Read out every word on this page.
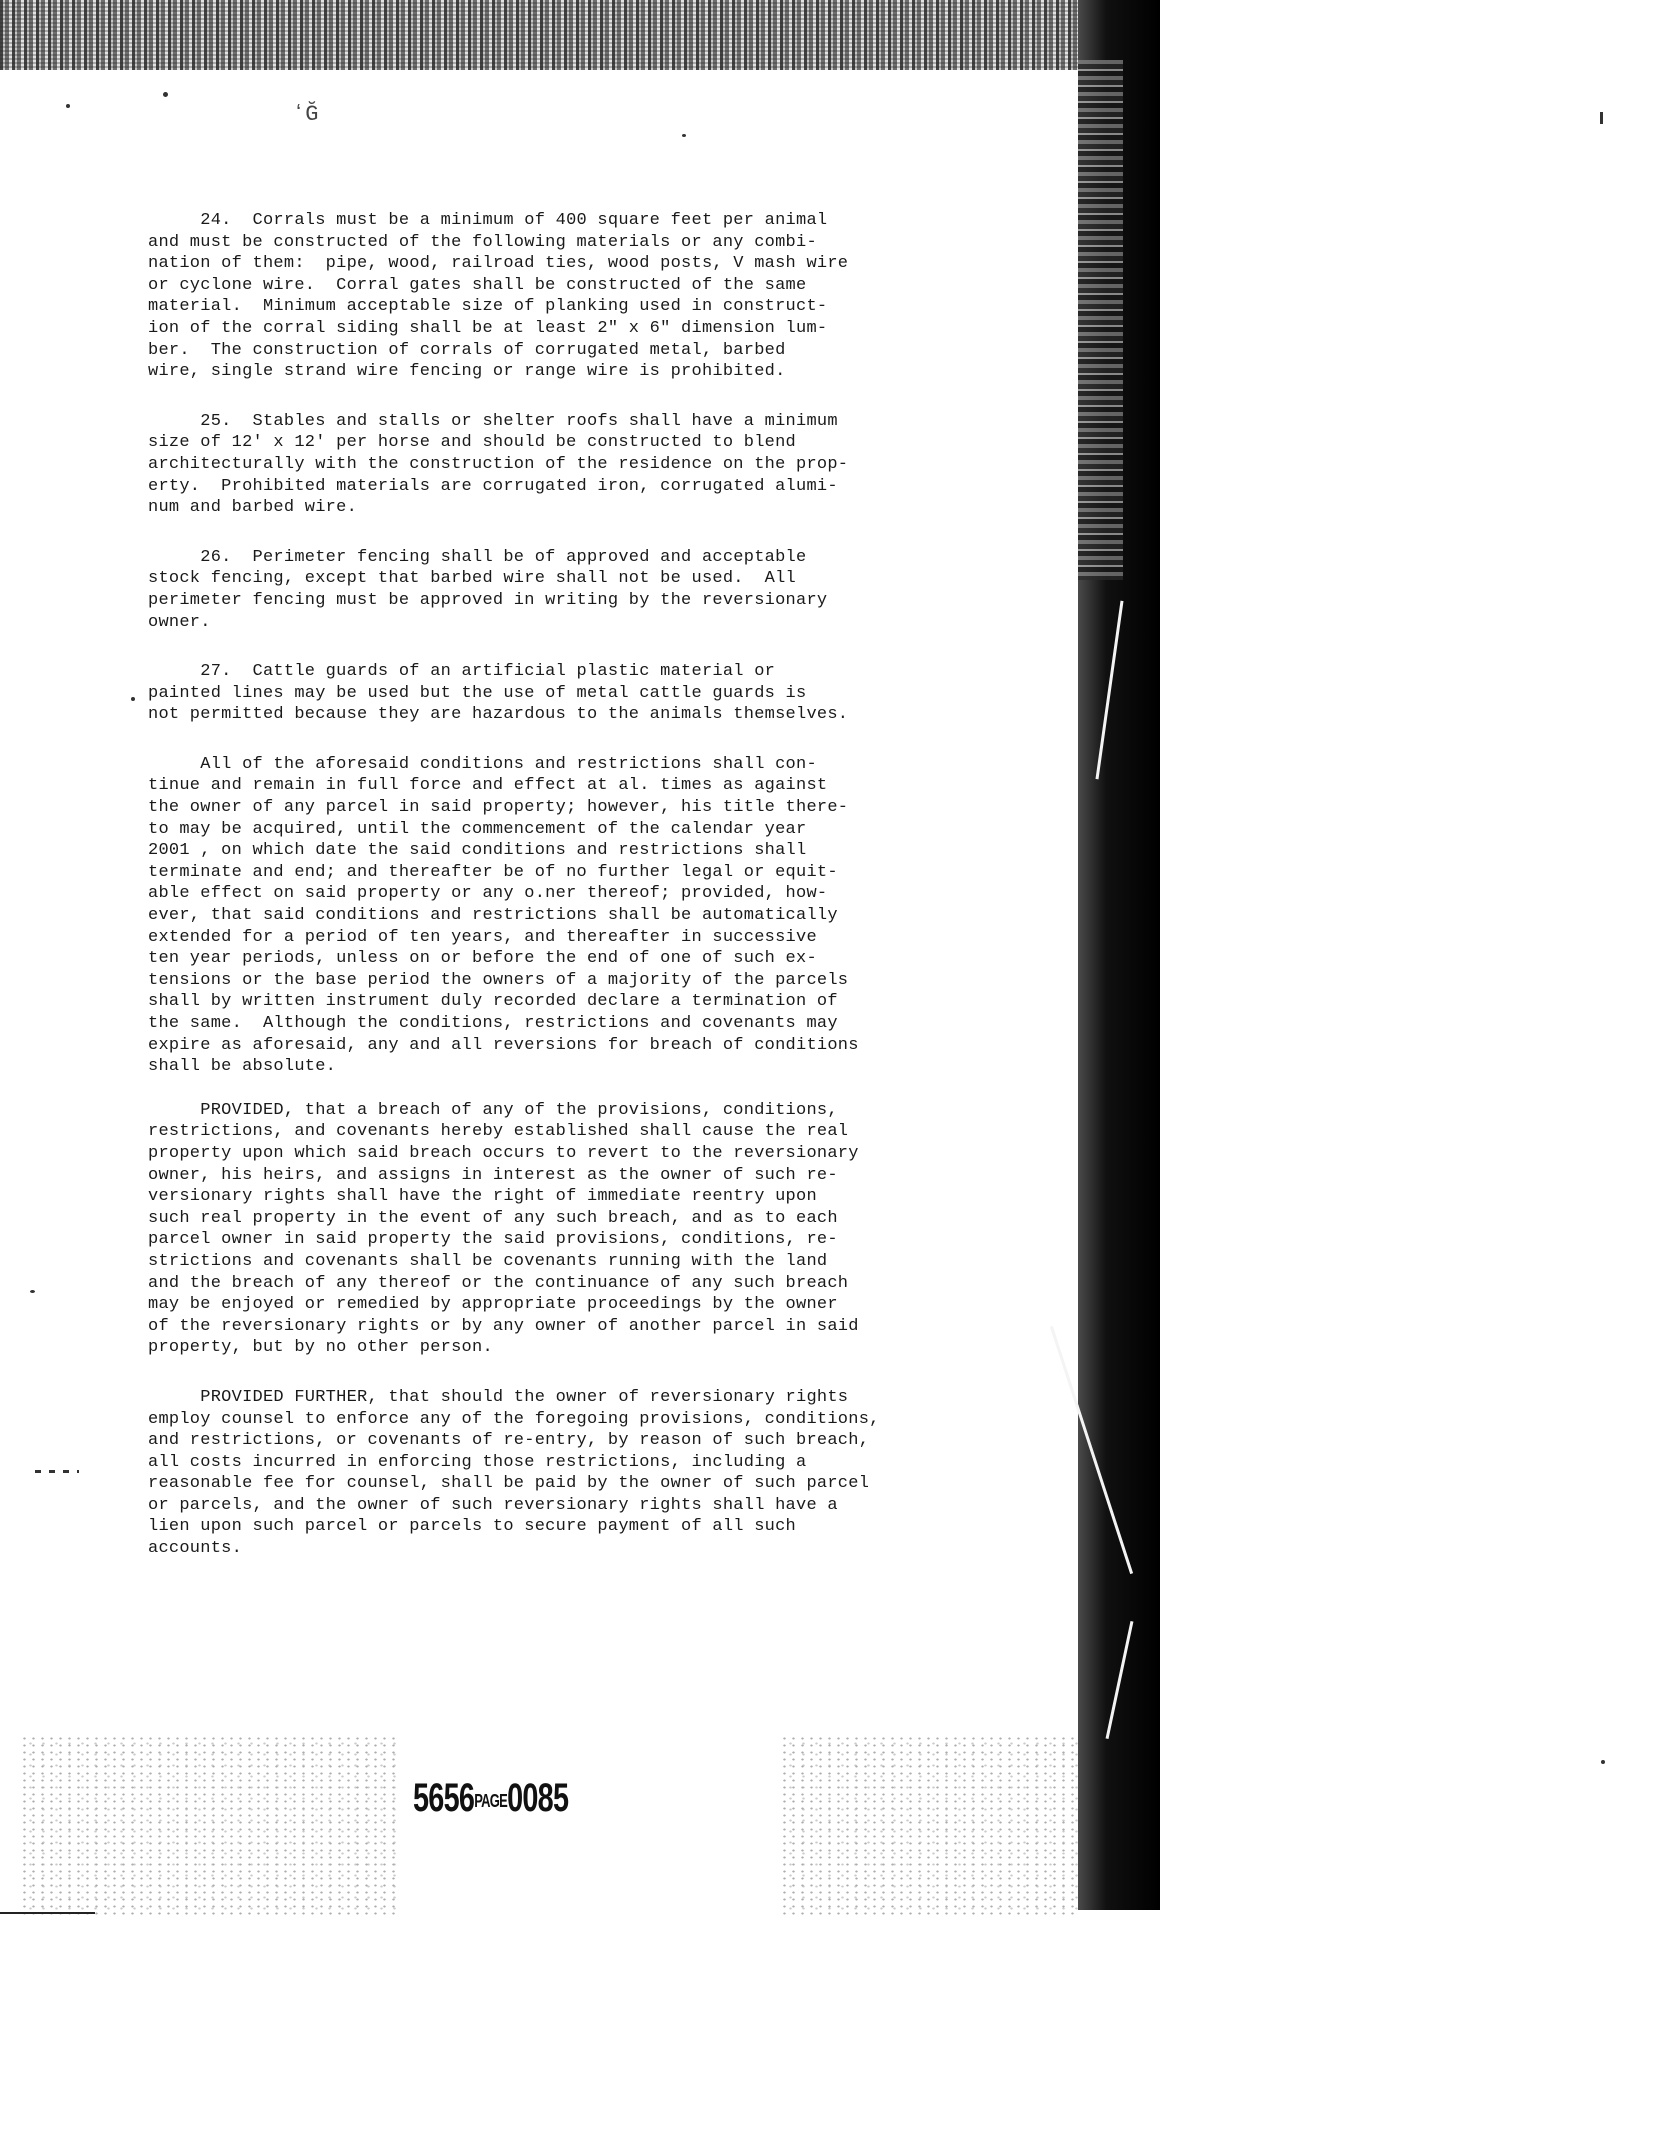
ʻĞ

24.  Corrals must be a minimum of 400 square feet per animal
and must be constructed of the following materials or any combi-
nation of them:  pipe, wood, railroad ties, wood posts, V mash wire
or cyclone wire.  Corral gates shall be constructed of the same
material.  Minimum acceptable size of planking used in construct-
ion of the corral siding shall be at least 2" x 6" dimension lum-
ber.  The construction of corrals of corrugated metal, barbed
wire, single strand wire fencing or range wire is prohibited.

25.  Stables and stalls or shelter roofs shall have a minimum
size of 12' x 12' per horse and should be constructed to blend
architecturally with the construction of the residence on the prop-
erty.  Prohibited materials are corrugated iron, corrugated alumi-
num and barbed wire.

26.  Perimeter fencing shall be of approved and acceptable
stock fencing, except that barbed wire shall not be used.  All
perimeter fencing must be approved in writing by the reversionary
owner.

27.  Cattle guards of an artificial plastic material or
painted lines may be used but the use of metal cattle guards is
not permitted because they are hazardous to the animals themselves.

All of the aforesaid conditions and restrictions shall con-
tinue and remain in full force and effect at al. times as against
the owner of any parcel in said property; however, his title there-
to may be acquired, until the commencement of the calendar year
2001 , on which date the said conditions and restrictions shall
terminate and end; and thereafter be of no further legal or equit-
able effect on said property or any o.ner thereof; provided, how-
ever, that said conditions and restrictions shall be automatically
extended for a period of ten years, and thereafter in successive
ten year periods, unless on or before the end of one of such ex-
tensions or the base period the owners of a majority of the parcels
shall by written instrument duly recorded declare a termination of
the same.  Although the conditions, restrictions and covenants may
expire as aforesaid, any and all reversions for breach of conditions
shall be absolute.

PROVIDED, that a breach of any of the provisions, conditions,
restrictions, and covenants hereby established shall cause the real
property upon which said breach occurs to revert to the reversionary
owner, his heirs, and assigns in interest as the owner of such re-
versionary rights shall have the right of immediate reentry upon
such real property in the event of any such breach, and as to each
parcel owner in said property the said provisions, conditions, re-
strictions and covenants shall be covenants running with the land
and the breach of any thereof or the continuance of any such breach
may be enjoyed or remedied by appropriate proceedings by the owner
of the reversionary rights or by any owner of another parcel in said
property, but by no other person.

PROVIDED FURTHER, that should the owner of reversionary rights
employ counsel to enforce any of the foregoing provisions, conditions,
and restrictions, or covenants of re-entry, by reason of such breach,
all costs incurred in enforcing those restrictions, including a
reasonable fee for counsel, shall be paid by the owner of such parcel
or parcels, and the owner of such reversionary rights shall have a
lien upon such parcel or parcels to secure payment of all such
accounts.

5656PAGE0085
